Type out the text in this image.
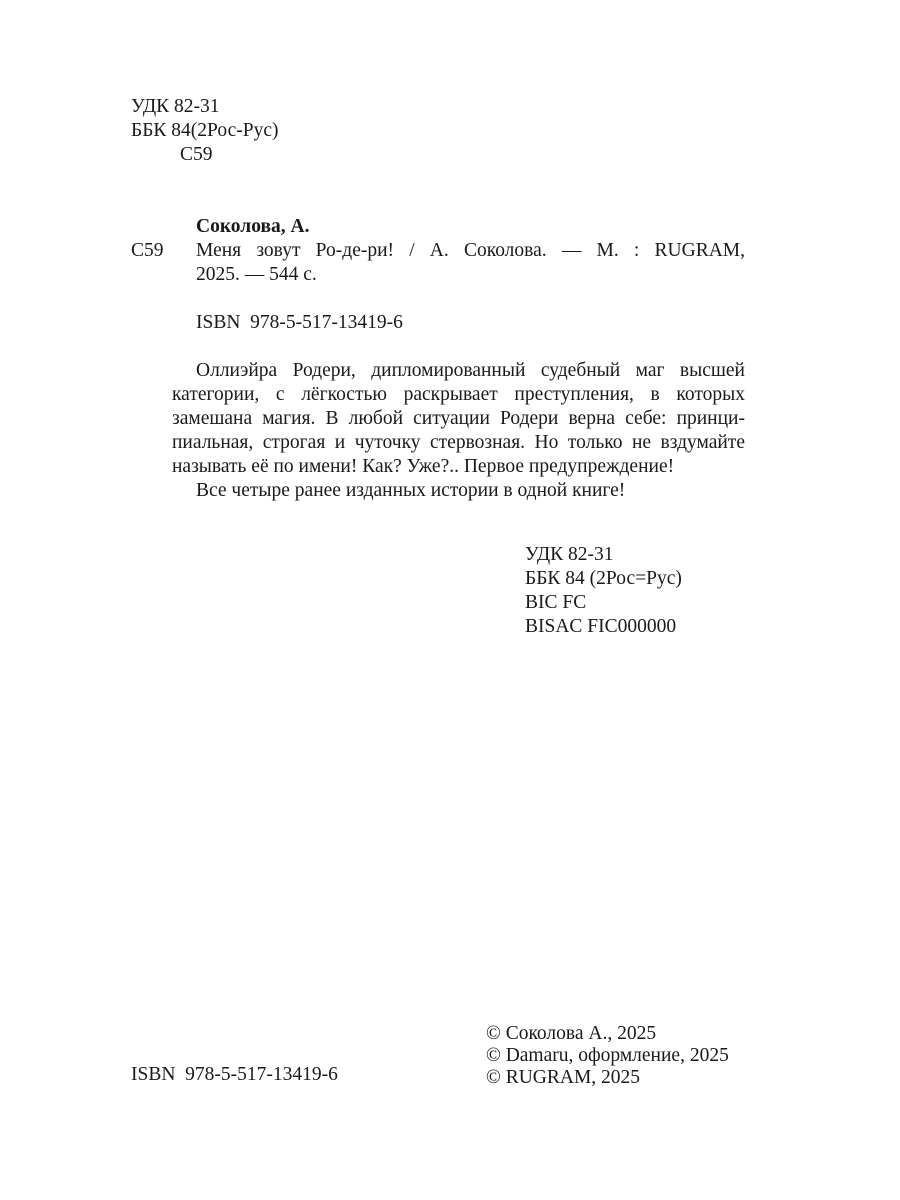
УДК 82-31
ББК 84(2Рос-Рус)
С59
Соколова, А.
С59 Меня зовут Ро-де-ри! / А. Соколова. — М. : RUGRAM,
2025. — 544 с.
ISBN  978-5-517-13419-6
Оллиэйра Родери, дипломированный судебный маг высшей
категории, с лёгкостью раскрывает преступления, в которых
замешана магия. В любой ситуации Родери верна себе: принци-
пиальная, строгая и чуточку стервозная. Но только не вздумайте
называть её по имени! Как? Уже?.. Первое предупреждение!
Все четыре ранее изданных истории в одной книге!
УДК 82-31
ББК 84 (2Рос=Рус)
BIC FC
BISAC FIC000000
ISBN  978-5-517-13419-6
© Соколова А., 2025
© Damaru, оформление, 2025
© RUGRAM, 2025
